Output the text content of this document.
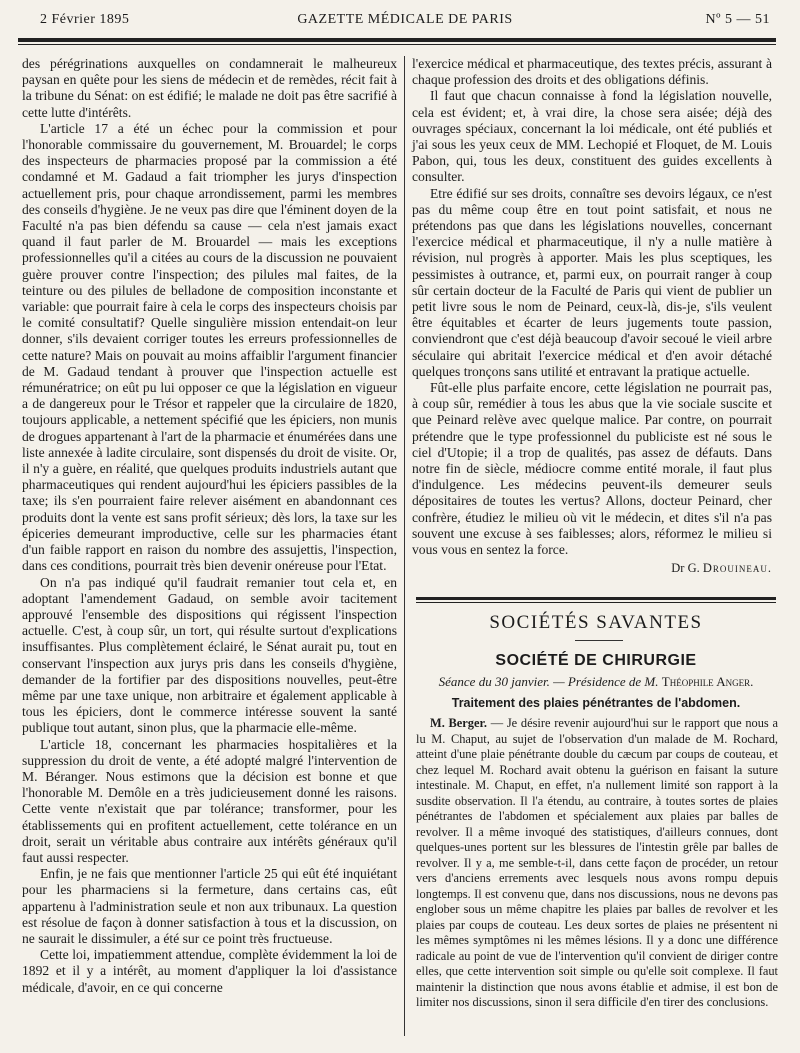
2 Février 1895	GAZETTE MÉDICALE DE PARIS	Nº 5 — 51

des pérégrinations auxquelles on condamnerait le malheureux paysan en quête pour les siens de médecin et de remèdes, récit fait à la tribune du Sénat: on est édifié; le malade ne doit pas être sacrifié à cette lutte d'intérêts.

L'article 17 a été un échec pour la commission et pour l'honorable commissaire du gouvernement, M. Brouardel; le corps des inspecteurs de pharmacies proposé par la commission a été condamné et M. Gadaud a fait triompher les jurys d'inspection actuellement pris, pour chaque arrondissement, parmi les membres des conseils d'hygiène. Je ne veux pas dire que l'éminent doyen de la Faculté n'a pas bien défendu sa cause — cela n'est jamais exact quand il faut parler de M. Brouardel — mais les exceptions professionnelles qu'il a citées au cours de la discussion ne pouvaient guère prouver contre l'inspection; des pilules mal faites, de la teinture ou des pilules de belladone de composition inconstante et variable: que pourrait faire à cela le corps des inspecteurs choisis par le comité consultatif? Quelle singulière mission entendait-on leur donner, s'ils devaient corriger toutes les erreurs professionnelles de cette nature? Mais on pouvait au moins affaiblir l'argument financier de M. Gadaud tendant à prouver que l'inspection actuelle est rémunératrice; on eût pu lui opposer ce que la législation en vigueur a de dangereux pour le Trésor et rappeler que la circulaire de 1820, toujours applicable, a nettement spécifié que les épiciers, non munis de drogues appartenant à l'art de la pharmacie et énumérées dans une liste annexée à ladite circulaire, sont dispensés du droit de visite. Or, il n'y a guère, en réalité, que quelques produits industriels autant que pharmaceutiques qui rendent aujourd'hui les épiciers passibles de la taxe; ils s'en pourraient faire relever aisément en abandonnant ces produits dont la vente est sans profit sérieux; dès lors, la taxe sur les épiceries demeurant improductive, celle sur les pharmacies étant d'un faible rapport en raison du nombre des assujettis, l'inspection, dans ces conditions, pourrait très bien devenir onéreuse pour l'Etat.

On n'a pas indiqué qu'il faudrait remanier tout cela et, en adoptant l'amendement Gadaud, on semble avoir tacitement approuvé l'ensemble des dispositions qui régissent l'inspection actuelle. C'est, à coup sûr, un tort, qui résulte surtout d'explications insuffisantes. Plus complètement éclairé, le Sénat aurait pu, tout en conservant l'inspection aux jurys pris dans les conseils d'hygiène, demander de la fortifier par des dispositions nouvelles, peut-être même par une taxe unique, non arbitraire et également applicable à tous les épiciers, dont le commerce intéresse souvent la santé publique tout autant, sinon plus, que la pharmacie elle-même.

L'article 18, concernant les pharmacies hospitalières et la suppression du droit de vente, a été adopté malgré l'intervention de M. Béranger. Nous estimons que la décision est bonne et que l'honorable M. Demôle en a très judicieusement donné les raisons. Cette vente n'existait que par tolérance; transformer, pour les établissements qui en profitent actuellement, cette tolérance en un droit, serait un véritable abus contraire aux intérêts généraux qu'il faut aussi respecter.

Enfin, je ne fais que mentionner l'article 25 qui eût été inquiétant pour les pharmaciens si la fermeture, dans certains cas, eût appartenu à l'administration seule et non aux tribunaux. La question est résolue de façon à donner satisfaction à tous et la discussion, on ne saurait le dissimuler, a été sur ce point très fructueuse.

Cette loi, impatiemment attendue, complète évidemment la loi de 1892 et il y a intérêt, au moment d'appliquer la loi d'assistance médicale, d'avoir, en ce qui concerne

l'exercice médical et pharmaceutique, des textes précis, assurant à chaque profession des droits et des obligations définis.

Il faut que chacun connaisse à fond la législation nouvelle, cela est évident; et, à vrai dire, la chose sera aisée; déjà des ouvrages spéciaux, concernant la loi médicale, ont été publiés et j'ai sous les yeux ceux de MM. Lechopié et Floquet, de M. Louis Pabon, qui, tous les deux, constituent des guides excellents à consulter.

Etre édifié sur ses droits, connaître ses devoirs légaux, ce n'est pas du même coup être en tout point satisfait, et nous ne prétendons pas que dans les législations nouvelles, concernant l'exercice médical et pharmaceutique, il n'y a nulle matière à révision, nul progrès à apporter. Mais les plus sceptiques, les pessimistes à outrance, et, parmi eux, on pourrait ranger à coup sûr certain docteur de la Faculté de Paris qui vient de publier un petit livre sous le nom de Peinard, ceux-là, dis-je, s'ils veulent être équitables et écarter de leurs jugements toute passion, conviendront que c'est déjà beaucoup d'avoir secoué le vieil arbre séculaire qui abritait l'exercice médical et d'en avoir détaché quelques tronçons sans utilité et entravant la pratique actuelle.

Fût-elle plus parfaite encore, cette législation ne pourrait pas, à coup sûr, remédier à tous les abus que la vie sociale suscite et que Peinard relève avec quelque malice. Par contre, on pourrait prétendre que le type professionnel du publiciste est né sous le ciel d'Utopie; il a trop de qualités, pas assez de défauts. Dans notre fin de siècle, médiocre comme entité morale, il faut plus d'indulgence. Les médecins peuvent-ils demeurer seuls dépositaires de toutes les vertus? Allons, docteur Peinard, cher confrère, étudiez le milieu où vit le médecin, et dites s'il n'a pas souvent une excuse à ses faiblesses; alors, réformez le milieu si vous vous en sentez la force.

Dr G. Drouineau.
SOCIÉTÉS SAVANTES
SOCIÉTÉ DE CHIRURGIE
Séance du 30 janvier. — Présidence de M. Théophile Anger.
Traitement des plaies pénétrantes de l'abdomen.

M. Berger. — Je désire revenir aujourd'hui sur le rapport que nous a lu M. Chaput, au sujet de l'observation d'un malade de M. Rochard, atteint d'une plaie pénétrante double du cæcum par coups de couteau, et chez lequel M. Rochard avait obtenu la guérison en faisant la suture intestinale. M. Chaput, en effet, n'a nullement limité son rapport à la susdite observation. Il l'a étendu, au contraire, à toutes sortes de plaies pénétrantes de l'abdomen et spécialement aux plaies par balles de revolver. Il a même invoqué des statistiques, d'ailleurs connues, dont quelques-unes portent sur les blessures de l'intestin grêle par balles de revolver. Il y a, me semble-t-il, dans cette façon de procéder, un retour vers d'anciens errements avec lesquels nous avons rompu depuis longtemps. Il est convenu que, dans nos discussions, nous ne devons pas englober sous un même chapitre les plaies par balles de revolver et les plaies par coups de couteau. Les deux sortes de plaies ne présentent ni les mêmes symptômes ni les mêmes lésions. Il y a donc une différence radicale au point de vue de l'intervention qu'il convient de diriger contre elles, que cette intervention soit simple ou qu'elle soit complexe. Il faut maintenir la distinction que nous avons établie et admise, il est bon de limiter nos discussions, sinon il sera difficile d'en tirer des conclusions.
